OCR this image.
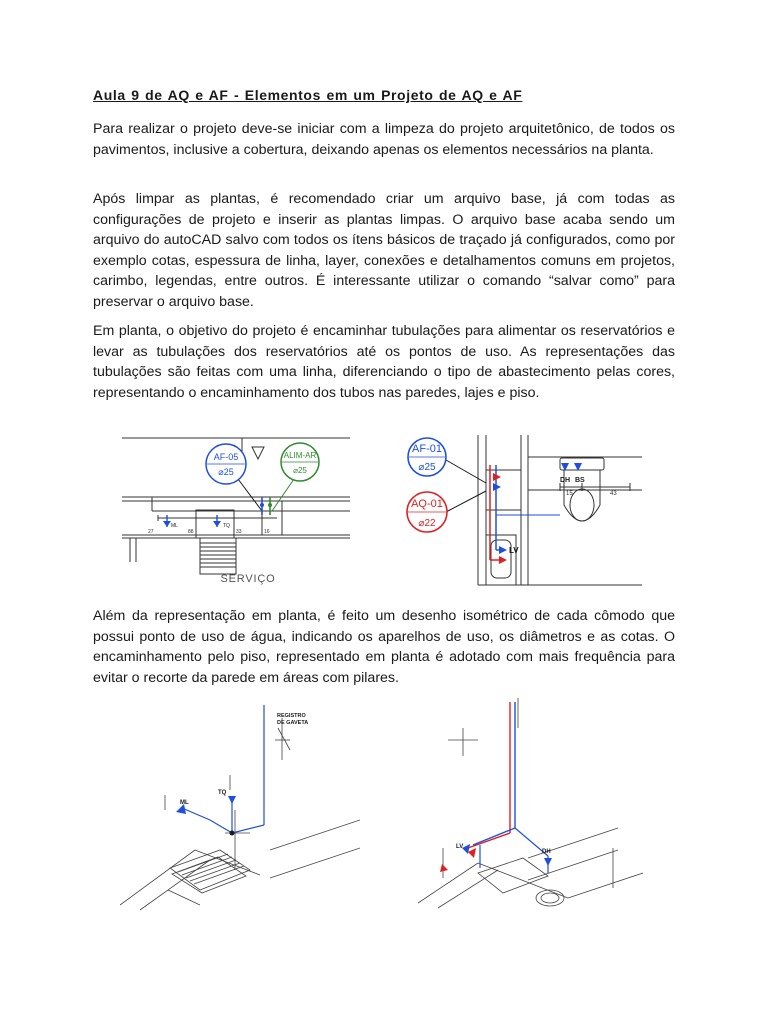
Aula 9 de AQ e AF - Elementos em um Projeto de AQ e AF

Para realizar o projeto deve-se iniciar com a limpeza do projeto arquitetônico, de todos os pavimentos, inclusive a cobertura, deixando apenas os elementos necessários na planta.

Após limpar as plantas, é recomendado criar um arquivo base, já com todas as configurações de projeto e inserir as plantas limpas. O arquivo base acaba sendo um arquivo do autoCAD salvo com todos os ítens básicos de traçado já configurados, como por exemplo cotas, espessura de linha, layer, conexões e detalhamentos comuns em projetos, carimbo, legendas, entre outros. É interessante utilizar o comando “salvar como” para preservar o arquivo base.

Em planta, o objetivo do projeto é encaminhar tubulações para alimentar os reservatórios e levar as tubulações dos reservatórios até os pontos de uso. As representações das tubulações são feitas com uma linha, diferenciando o tipo de abastecimento pelas cores, representando o encaminhamento dos tubos nas paredes, lajes e piso.

AF-05
⌀25
ALIM-AR
⌀25
ML	TQ
27	88	33	16
SERVIÇO
AF-01
⌀25
AQ-01
⌀22
DH BS
LV
15	43

Além da representação em planta, é feito um desenho isométrico de cada cômodo que possui ponto de uso de água, indicando os aparelhos de uso, os diâmetros e as cotas. O encaminhamento pelo piso, representado em planta é adotado com mais frequência para evitar o recorte da parede em áreas com pilares.

REGISTRO
DE GAVETA
TQ
ML
LV
DH
